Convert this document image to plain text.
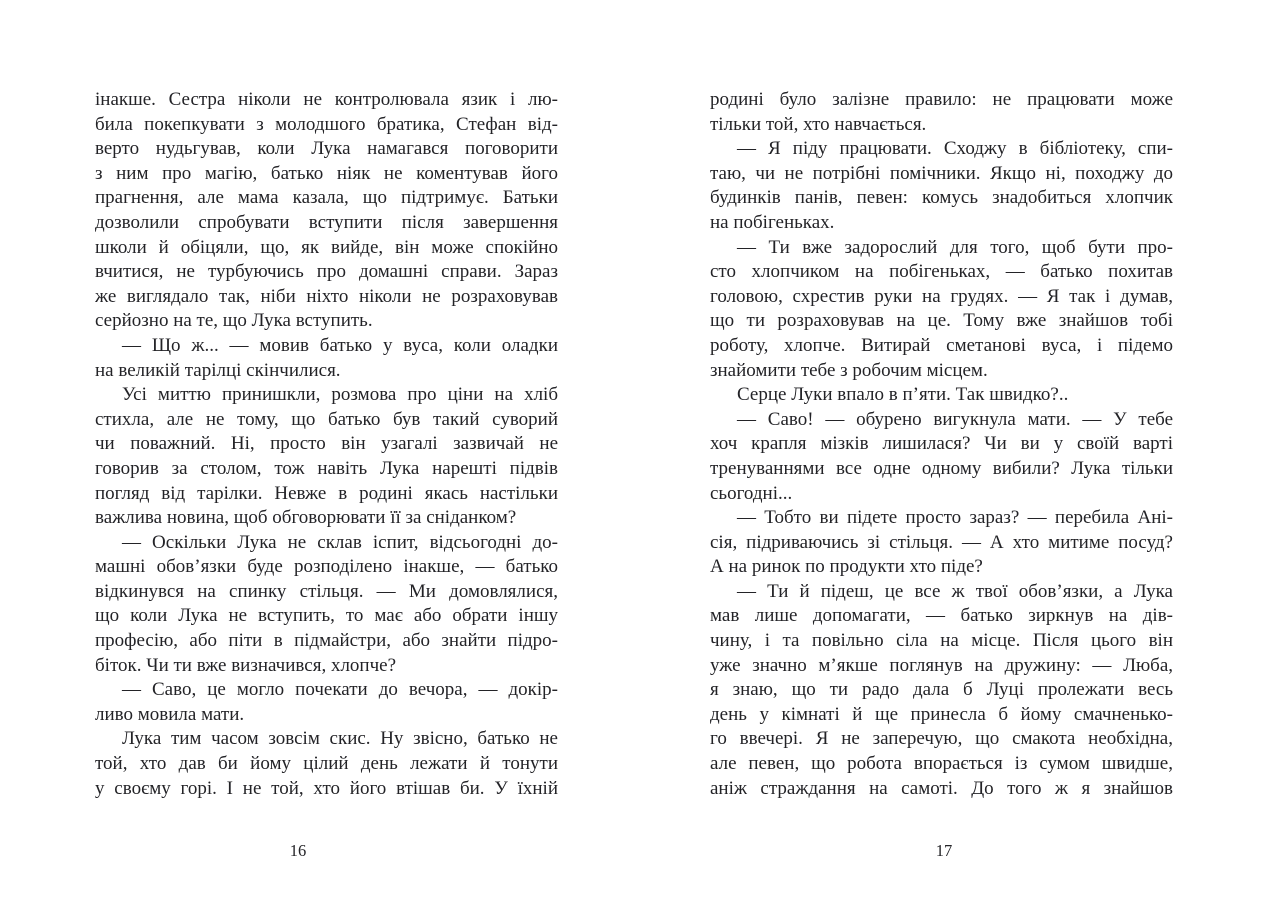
інакше. Сестра ніколи не контролювала язик і лю-
била покепкувати з молодшого братика, Стефан від-
верто нудьгував, коли Лука намагався поговорити
з ним про магію, батько ніяк не коментував його
прагнення, але мама казала, що підтримує. Батьки
дозволили спробувати вступити після завершення
школи й обіцяли, що, як вийде, він може спокійно
вчитися, не турбуючись про домашні справи. Зараз
же виглядало так, ніби ніхто ніколи не розраховував
серйозно на те, що Лука вступить.
— Що ж... — мовив батько у вуса, коли оладки
на великій тарілці скінчилися.
Усі миттю принишкли, розмова про ціни на хліб
стихла, але не тому, що батько був такий суворий
чи поважний. Ні, просто він узагалі зазвичай не
говорив за столом, тож навіть Лука нарешті підвів
погляд від тарілки. Невже в родині якась настільки
важлива новина, щоб обговорювати її за сніданком?
— Оскільки Лука не склав іспит, відсьогодні до-
машні обов’язки буде розподілено інакше, — батько
відкинувся на спинку стільця. — Ми домовлялися,
що коли Лука не вступить, то має або обрати іншу
професію, або піти в підмайстри, або знайти підро-
біток. Чи ти вже визначився, хлопче?
— Саво, це могло почекати до вечора, — докір-
ливо мовила мати.
Лука тим часом зовсім скис. Ну звісно, батько не
той, хто дав би йому цілий день лежати й тонути
у своєму горі. І не той, хто його втішав би. У їхній
16
родині було залізне правило: не працювати може
тільки той, хто навчається.
— Я піду працювати. Сходжу в бібліотеку, спи-
таю, чи не потрібні помічники. Якщо ні, походжу до
будинків панів, певен: комусь знадобиться хлопчик
на побігеньках.
— Ти вже задорослий для того, щоб бути про-
сто хлопчиком на побігеньках, — батько похитав
головою, схрестив руки на грудях. — Я так і думав,
що ти розраховував на це. Тому вже знайшов тобі
роботу, хлопче. Витирай сметанові вуса, і підемо
знайомити тебе з робочим місцем.
Серце Луки впало в п’яти. Так швидко?..
— Саво! — обурено вигукнула мати. — У тебе
хоч крапля мізків лишилася? Чи ви у своїй варті
тренуваннями все одне одному вибили? Лука тільки
сьогодні...
— Тобто ви підете просто зараз? — перебила Ані-
сія, підриваючись зі стільця. — А хто митиме посуд?
А на ринок по продукти хто піде?
— Ти й підеш, це все ж твої обов’язки, а Лука
мав лише допомагати, — батько зиркнув на дів-
чину, і та повільно сіла на місце. Після цього він
уже значно м’якше поглянув на дружину: — Люба,
я знаю, що ти радо дала б Луці пролежати весь
день у кімнаті й ще принесла б йому смачненько-
го ввечері. Я не заперечую, що смакота необхідна,
але певен, що робота впорається із сумом швидше,
аніж страждання на самоті. До того ж я знайшов
17
